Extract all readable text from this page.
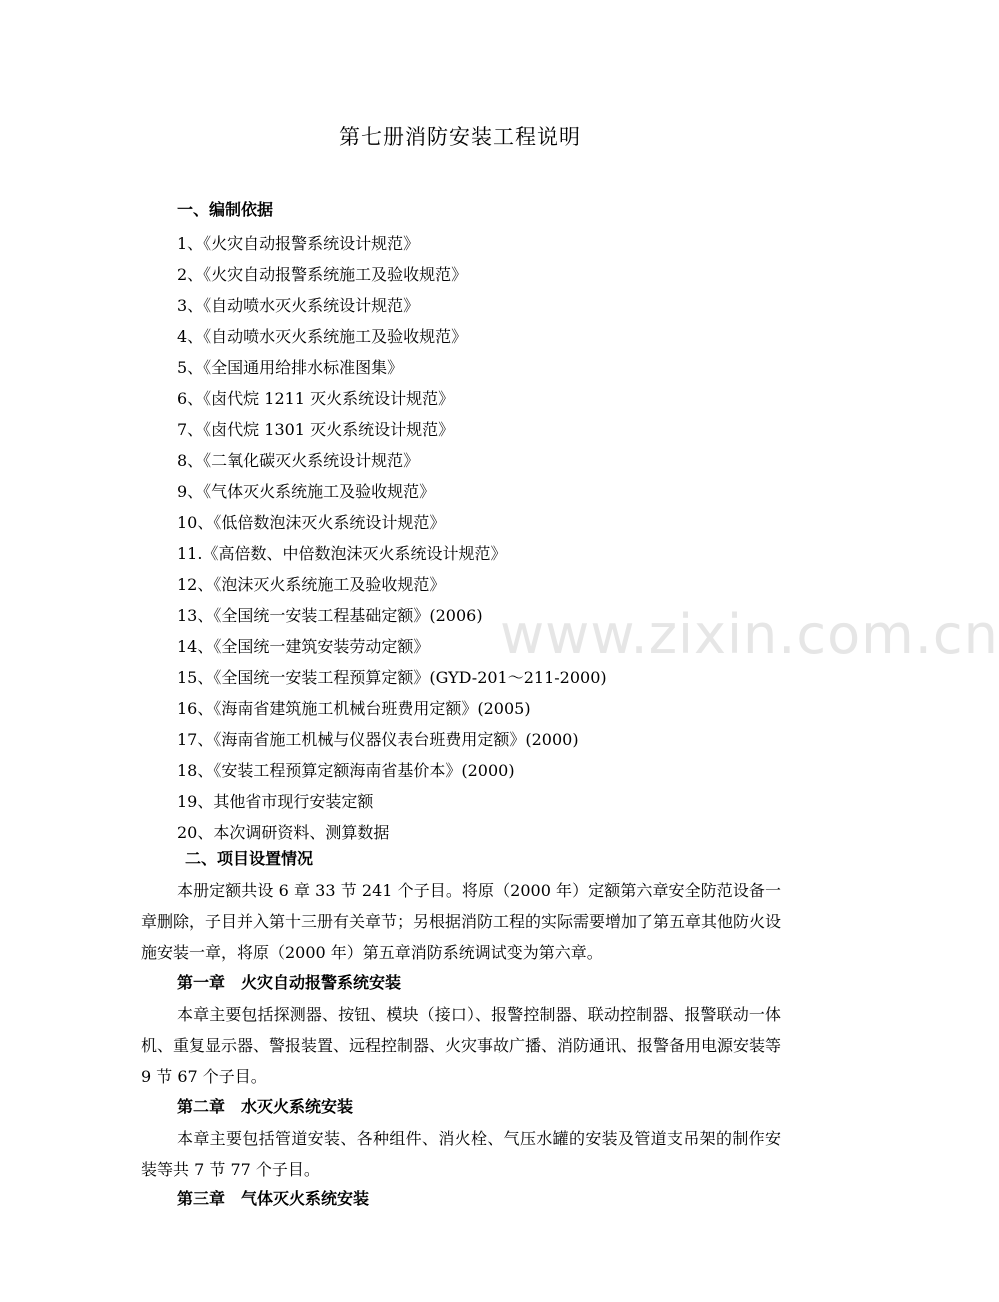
www.zixin.com.cn
第七册消防安装工程说明
一、编制依据
1、《火灾自动报警系统设计规范》
2、《火灾自动报警系统施工及验收规范》
3、《自动喷水灭火系统设计规范》
4、《自动喷水灭火系统施工及验收规范》
5、《全国通用给排水标准图集》
6、《卤代烷 1211 灭火系统设计规范》
7、《卤代烷 1301 灭火系统设计规范》
8、《二氧化碳灭火系统设计规范》
9、《气体灭火系统施工及验收规范》
10、《低倍数泡沫灭火系统设计规范》
11.《高倍数、中倍数泡沫灭火系统设计规范》
12、《泡沫灭火系统施工及验收规范》
13、《全国统一安装工程基础定额》(2006)
14、《全国统一建筑安装劳动定额》
15、《全国统一安装工程预算定额》(GYD-201～211-2000)
16、《海南省建筑施工机械台班费用定额》(2005)
17、《海南省施工机械与仪器仪表台班费用定额》(2000)
18、《安装工程预算定额海南省基价本》(2000)
19、其他省市现行安装定额
20、本次调研资料、测算数据
二、项目设置情况

本册定额共设 6 章 33 节 241 个子目。将原（2000 年）定额第六章安全防范设备一章删除，子目并入第十三册有关章节；另根据消防工程的实际需要增加了第五章其他防火设施安装一章，将原（2000 年）第五章消防系统调试变为第六章。

第一章　火灾自动报警系统安装

本章主要包括探测器、按钮、模块（接口）、报警控制器、联动控制器、报警联动一体机、重复显示器、警报装置、远程控制器、火灾事故广播、消防通讯、报警备用电源安装等 9 节 67 个子目。

第二章　水灭火系统安装

本章主要包括管道安装、各种组件、消火栓、气压水罐的安装及管道支吊架的制作安装等共 7 节 77 个子目。

第三章　气体灭火系统安装
